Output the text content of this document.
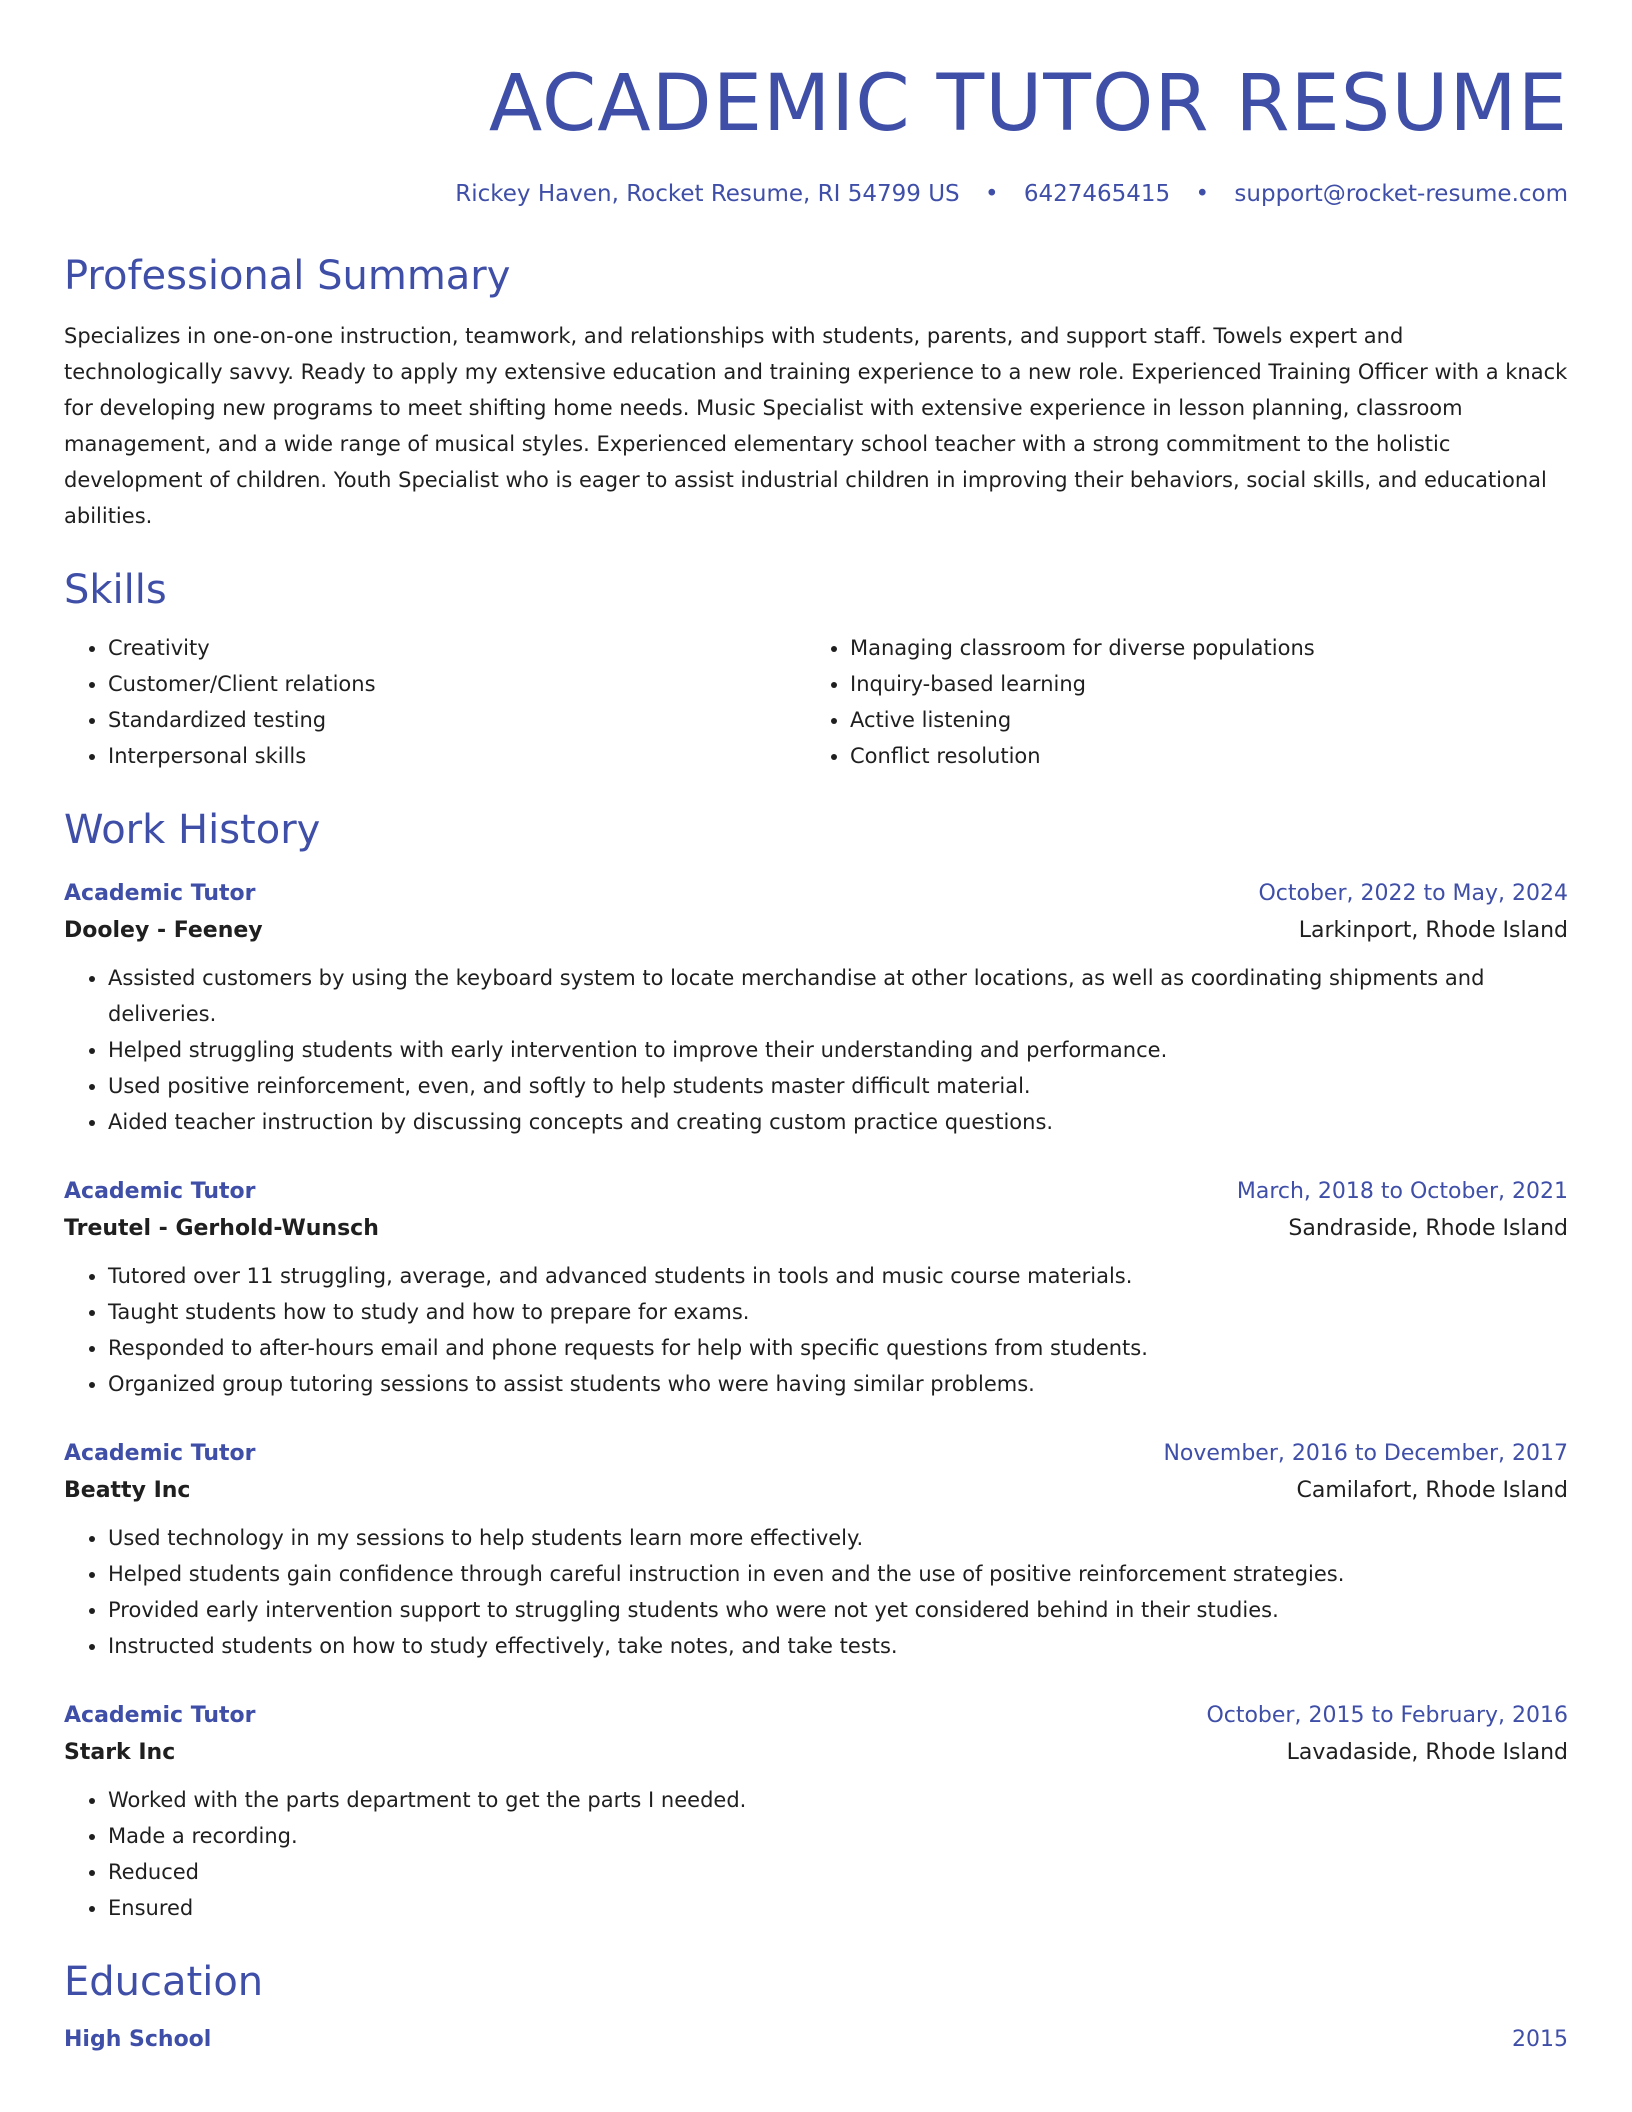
ACADEMIC TUTOR RESUME
Rickey Haven, Rocket Resume, RI 54799 US • 6427465415 • support@rocket-resume.com
Professional Summary
Specializes in one-on-one instruction, teamwork, and relationships with students, parents, and support staff. Towels expert and technologically savvy. Ready to apply my extensive education and training experience to a new role. Experienced Training Officer with a knack for developing new programs to meet shifting home needs. Music Specialist with extensive experience in lesson planning, classroom management, and a wide range of musical styles. Experienced elementary school teacher with a strong commitment to the holistic development of children. Youth Specialist who is eager to assist industrial children in improving their behaviors, social skills, and educational abilities.
Skills
• Creativity
• Customer/Client relations
• Standardized testing
• Interpersonal skills
• Managing classroom for diverse populations
• Inquiry-based learning
• Active listening
• Conflict resolution
Work History
Academic Tutor	October, 2022 to May, 2024
Dooley - Feeney	Larkinport, Rhode Island
• Assisted customers by using the keyboard system to locate merchandise at other locations, as well as coordinating shipments and deliveries.
• Helped struggling students with early intervention to improve their understanding and performance.
• Used positive reinforcement, even, and softly to help students master difficult material.
• Aided teacher instruction by discussing concepts and creating custom practice questions.
Academic Tutor	March, 2018 to October, 2021
Treutel - Gerhold-Wunsch	Sandraside, Rhode Island
• Tutored over 11 struggling, average, and advanced students in tools and music course materials.
• Taught students how to study and how to prepare for exams.
• Responded to after-hours email and phone requests for help with specific questions from students.
• Organized group tutoring sessions to assist students who were having similar problems.
Academic Tutor	November, 2016 to December, 2017
Beatty Inc	Camilafort, Rhode Island
• Used technology in my sessions to help students learn more effectively.
• Helped students gain confidence through careful instruction in even and the use of positive reinforcement strategies.
• Provided early intervention support to struggling students who were not yet considered behind in their studies.
• Instructed students on how to study effectively, take notes, and take tests.
Academic Tutor	October, 2015 to February, 2016
Stark Inc	Lavadaside, Rhode Island
• Worked with the parts department to get the parts I needed.
• Made a recording.
• Reduced
• Ensured
Education
High School	2015
